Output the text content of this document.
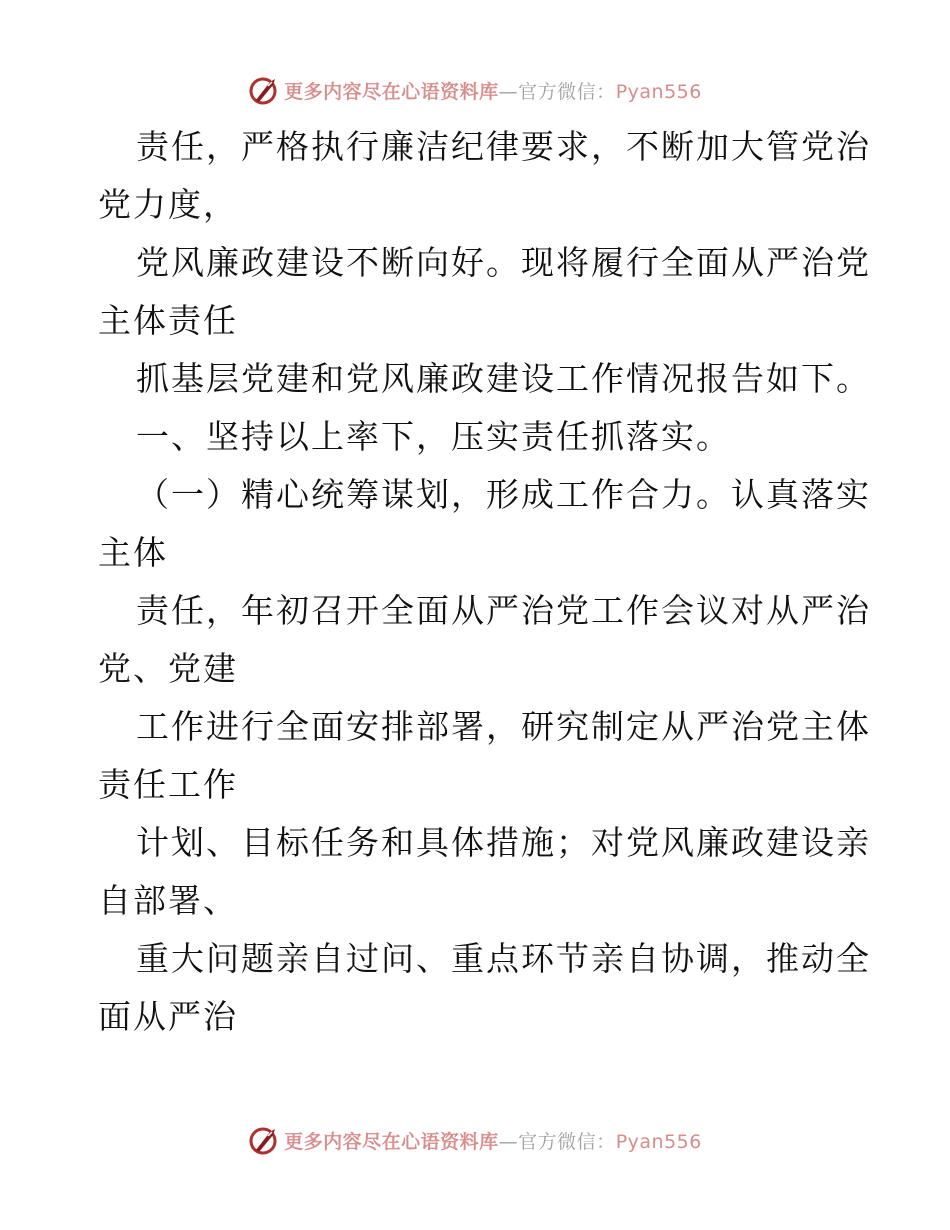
更多内容尽在心语资料库—官方微信：Pyan556
责任，严格执行廉洁纪律要求，不断加大管党治
党力度，
党风廉政建设不断向好。现将履行全面从严治党
主体责任
抓基层党建和党风廉政建设工作情况报告如下。
一、坚持以上率下，压实责任抓落实。
（一）精心统筹谋划，形成工作合力。认真落实
主体
责任，年初召开全面从严治党工作会议对从严治
党、党建
工作进行全面安排部署，研究制定从严治党主体
责任工作
计划、目标任务和具体措施；对党风廉政建设亲
自部署、
重大问题亲自过问、重点环节亲自协调，推动全
面从严治
更多内容尽在心语资料库—官方微信：Pyan556
